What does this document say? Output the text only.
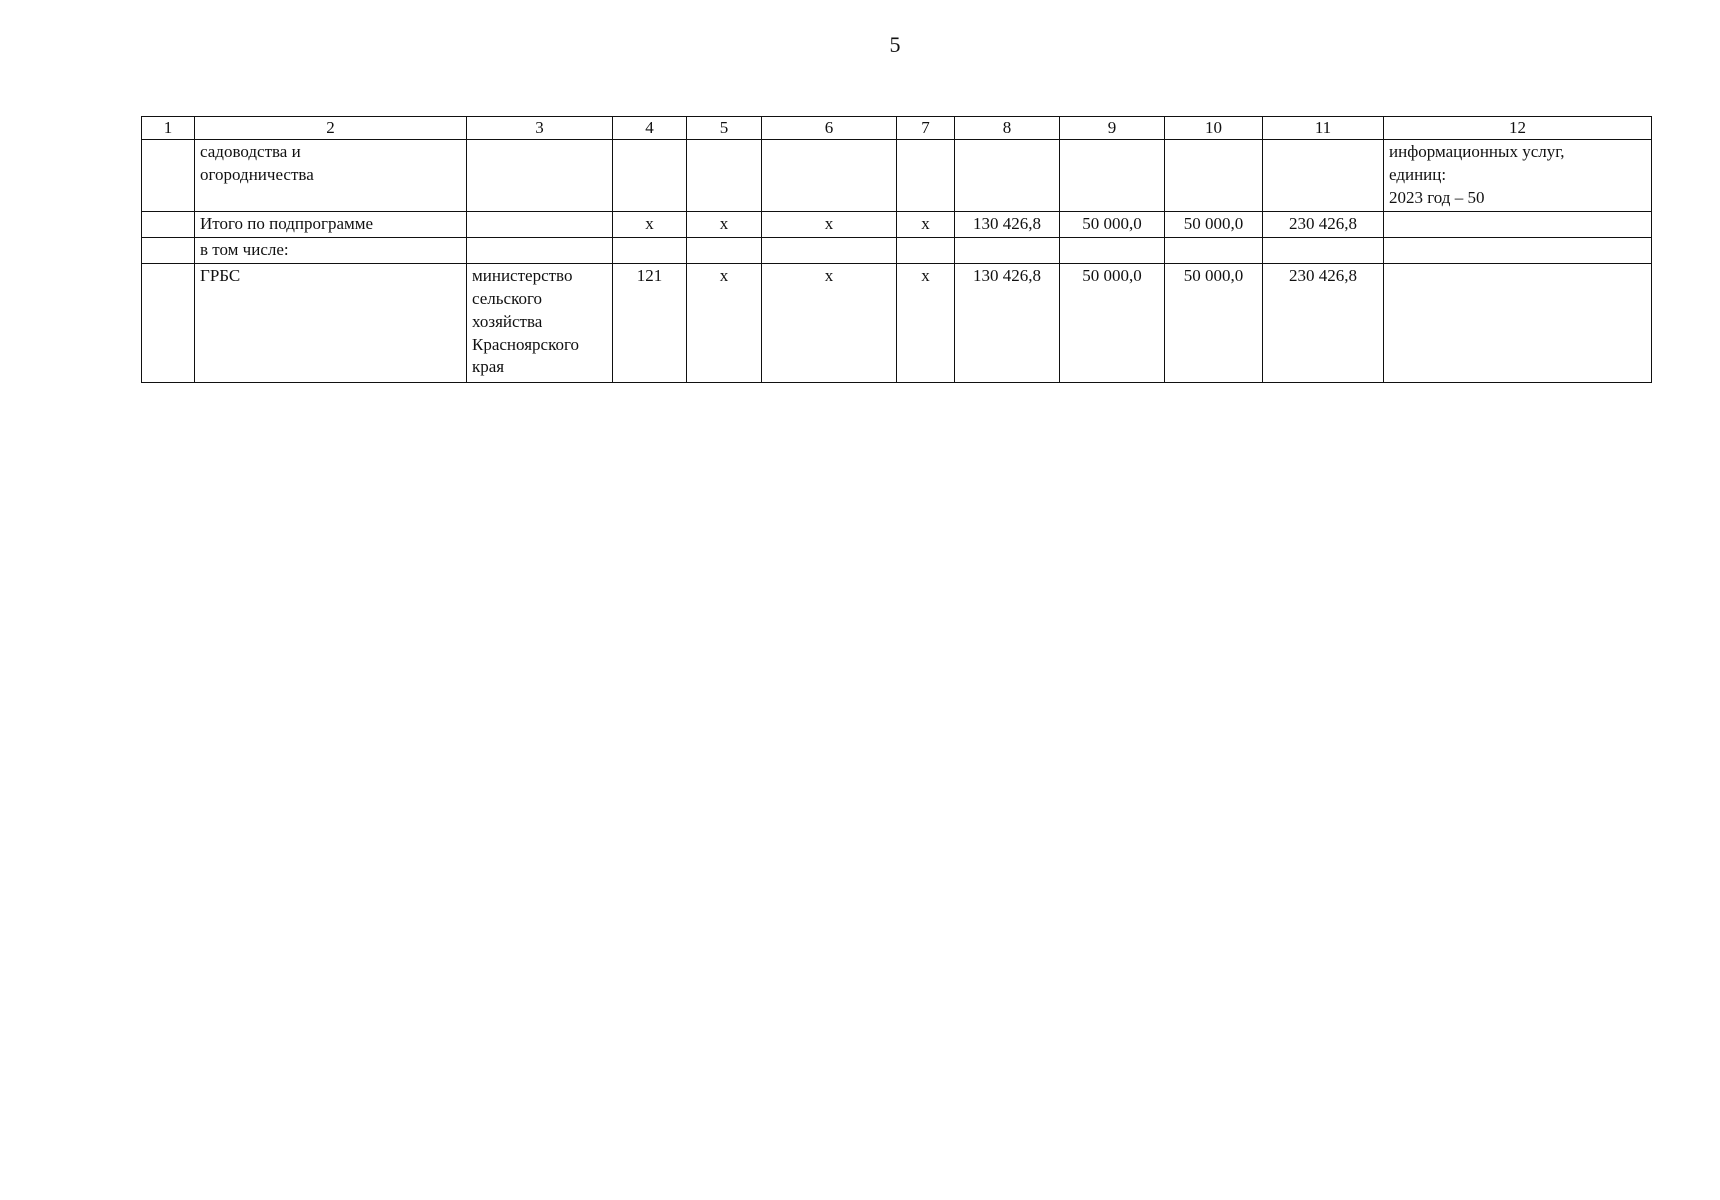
5
1	2	3	4	5	6	7	8	9	10	11	12
	садоводства и
огородничества										информационных услуг,
единиц:
2023 год – 50
	Итого по подпрограмме		х	х	х	х	130 426,8	50 000,0	50 000,0	230 426,8	
	в том числе:										
	ГРБС	министерство
сельского
хозяйства
Красноярского
края	121	х	х	х	130 426,8	50 000,0	50 000,0	230 426,8	
